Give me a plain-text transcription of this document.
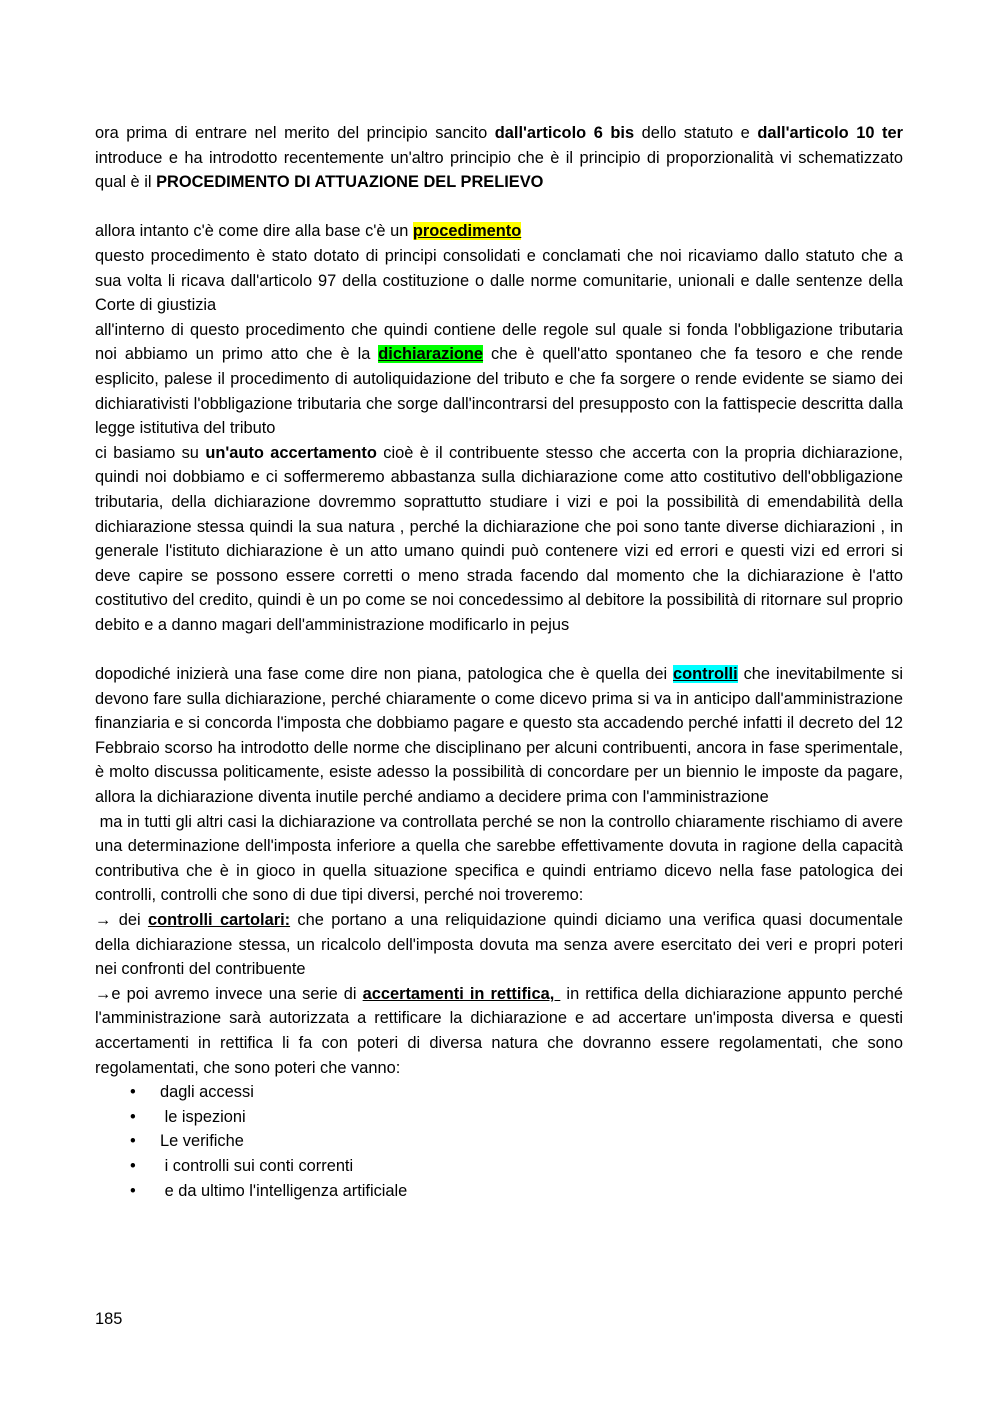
ora prima di entrare nel merito del principio sancito dall'articolo 6 bis dello statuto e dall'articolo 10 ter introduce e ha introdotto recentemente un'altro principio che è il principio di proporzionalità vi schematizzato qual è il PROCEDIMENTO DI ATTUAZIONE DEL PRELIEVO

allora intanto c'è come dire alla base c'è un procedimento

questo procedimento è stato dotato di principi consolidati e conclamati che noi ricaviamo dallo statuto che a sua volta li ricava dall'articolo 97 della costituzione o dalle norme comunitarie, unionali e dalle sentenze della Corte di giustizia

all'interno di questo procedimento che quindi contiene delle regole sul quale si fonda l'obbligazione tributaria noi abbiamo un primo atto che è la dichiarazione che è quell'atto spontaneo che fa tesoro e che rende esplicito, palese il procedimento di autoliquidazione del tributo e che fa sorgere o rende evidente se siamo dei dichiarativisti l'obbligazione tributaria che sorge dall'incontrarsi del presupposto con la fattispecie descritta dalla legge istitutiva del tributo

ci basiamo su un'auto accertamento cioè è il contribuente stesso che accerta con la propria dichiarazione, quindi noi dobbiamo e ci soffermeremo abbastanza sulla dichiarazione come atto costitutivo dell'obbligazione tributaria, della dichiarazione dovremmo soprattutto studiare i vizi e poi la possibilità di emendabilità della dichiarazione stessa quindi la sua natura , perché la dichiarazione che poi sono tante diverse dichiarazioni , in generale l'istituto dichiarazione è un atto umano quindi può contenere vizi ed errori e questi vizi ed errori si deve capire se possono essere corretti o meno strada facendo dal momento che la dichiarazione è l'atto costitutivo del credito, quindi è un po come se noi concedessimo al debitore la possibilità di ritornare sul proprio debito e a danno magari dell'amministrazione modificarlo in pejus

dopodiché inizierà una fase come dire non piana, patologica che è quella dei controlli che inevitabilmente si devono fare sulla dichiarazione, perché chiaramente o come dicevo prima si va in anticipo dall'amministrazione finanziaria e si concorda l'imposta che dobbiamo pagare e questo sta accadendo perché infatti il decreto del 12 Febbraio scorso ha introdotto delle norme che disciplinano per alcuni contribuenti, ancora in fase sperimentale, è molto discussa politicamente, esiste adesso la possibilità di concordare per un biennio le imposte da pagare, allora la dichiarazione diventa inutile perché andiamo a decidere prima con l'amministrazione

ma in tutti gli altri casi la dichiarazione va controllata perché se non la controllo chiaramente rischiamo di avere una determinazione dell'imposta inferiore a quella che sarebbe effettivamente dovuta in ragione della capacità contributiva che è in gioco in quella situazione specifica e quindi entriamo dicevo nella fase patologica dei controlli, controlli che sono di due tipi diversi, perché noi troveremo:

→ dei controlli cartolari: che portano a una reliquidazione quindi diciamo una verifica quasi documentale della dichiarazione stessa, un ricalcolo dell'imposta dovuta ma senza avere esercitato dei veri e propri poteri nei confronti del contribuente

→e poi avremo invece una serie di accertamenti in rettifica,  in rettifica della dichiarazione appunto perché l'amministrazione sarà autorizzata a rettificare la dichiarazione e ad accertare un'imposta diversa e questi accertamenti in rettifica li fa con poteri di diversa natura che dovranno essere regolamentati, che sono regolamentati, che sono poteri che vanno:

• dagli accessi
•  le ispezioni
• Le verifiche
•  i controlli sui conti correnti
•  e da ultimo l'intelligenza artificiale
185
